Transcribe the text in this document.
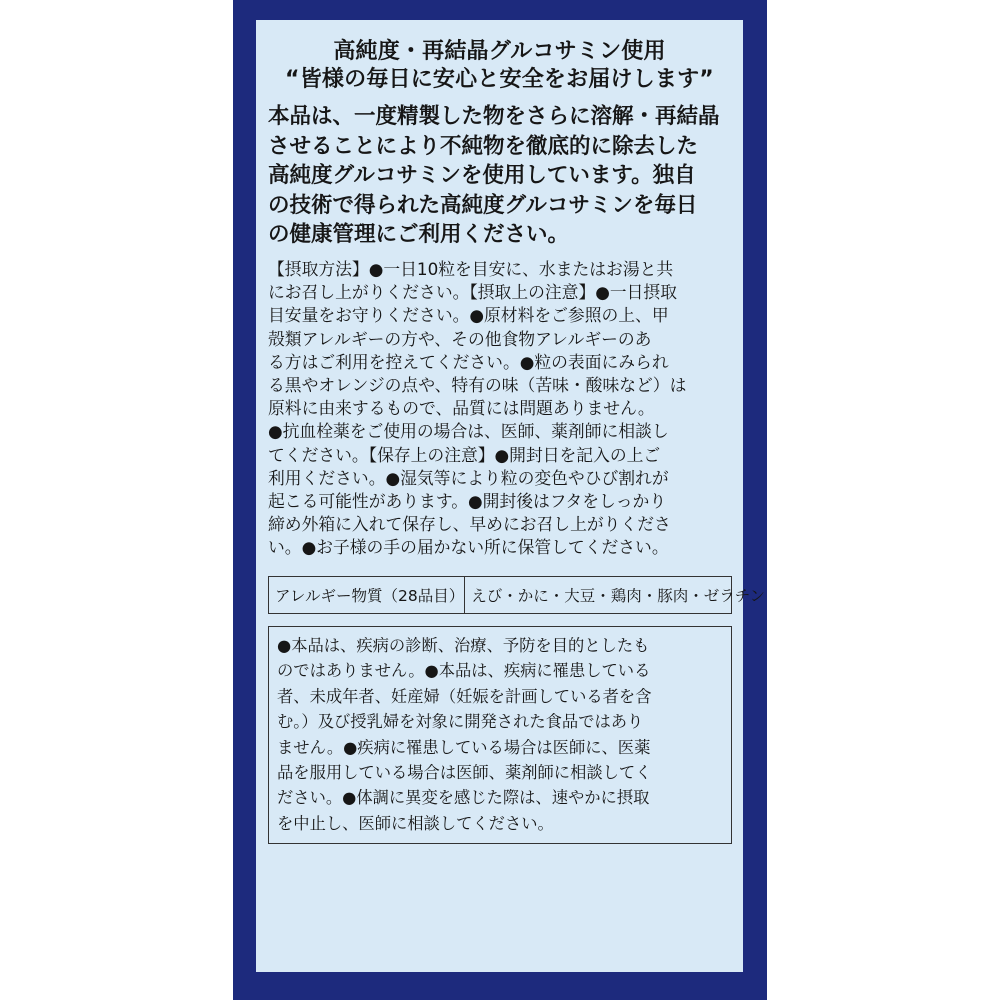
高純度・再結晶グルコサミン使用
“皆様の毎日に安心と安全をお届けします”
本品は、一度精製した物をさらに溶解・再結晶
させることにより不純物を徹底的に除去した
高純度グルコサミンを使用しています。独自
の技術で得られた高純度グルコサミンを毎日
の健康管理にご利用ください。
【摂取方法】●一日10粒を目安に、水またはお湯と共
にお召し上がりください。【摂取上の注意】●一日摂取
目安量をお守りください。●原材料をご参照の上、甲
殻類アレルギーの方や、その他食物アレルギーのあ
る方はご利用を控えてください。●粒の表面にみられ
る黒やオレンジの点や、特有の味（苦味・酸味など）は
原料に由来するもので、品質には問題ありません。
●抗血栓薬をご使用の場合は、医師、薬剤師に相談し
てください。【保存上の注意】●開封日を記入の上ご
利用ください。●湿気等により粒の変色やひび割れが
起こる可能性があります。●開封後はフタをしっかり
締め外箱に入れて保存し、早めにお召し上がりくださ
い。●お子様の手の届かない所に保管してください。
アレルギー物質（28品目） えび・かに・大豆・鶏肉・豚肉・ゼラチン
●本品は、疾病の診断、治療、予防を目的としたも
のではありません。●本品は、疾病に罹患している
者、未成年者、妊産婦（妊娠を計画している者を含
む。）及び授乳婦を対象に開発された食品ではあり
ません。●疾病に罹患している場合は医師に、医薬
品を服用している場合は医師、薬剤師に相談してく
ださい。●体調に異変を感じた際は、速やかに摂取
を中止し、医師に相談してください。
